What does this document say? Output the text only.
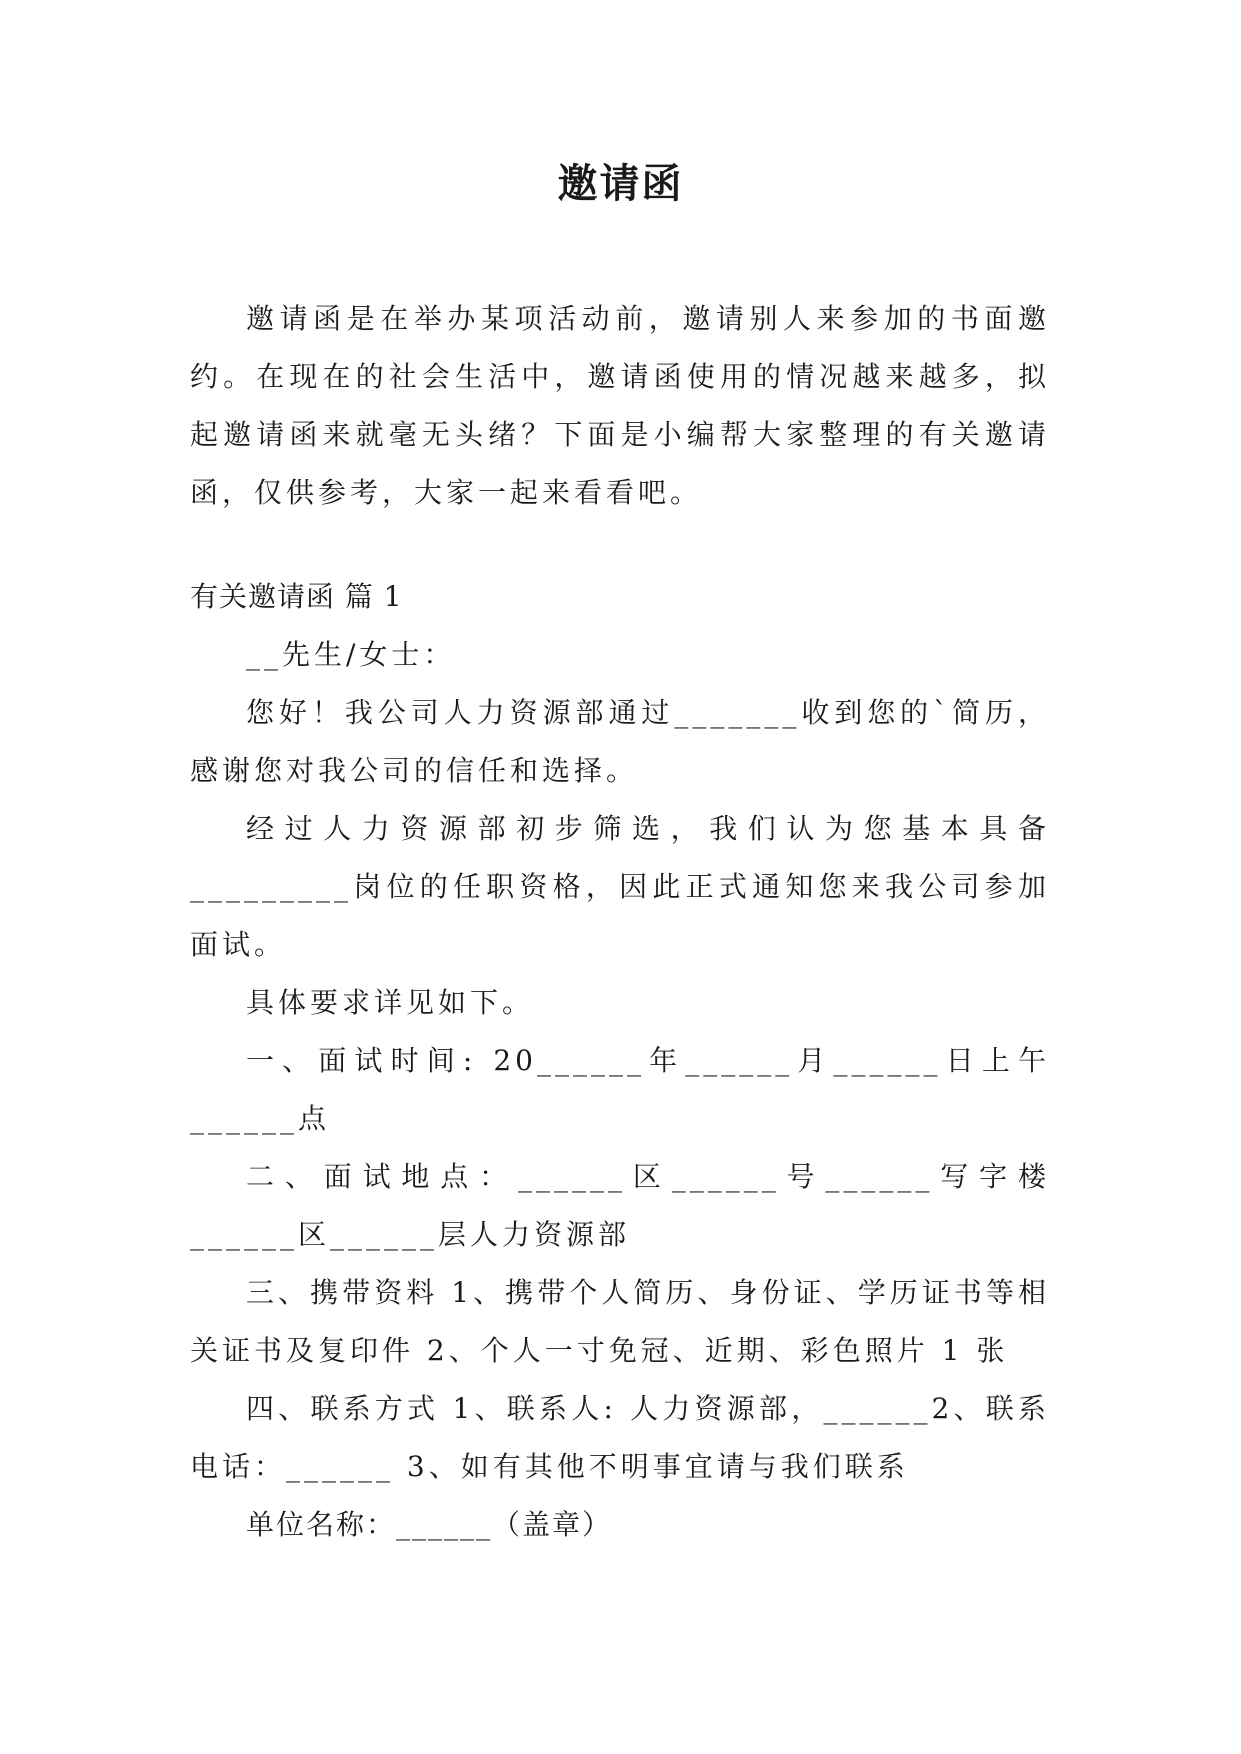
邀请函

邀请函是在举办某项活动前，邀请别人来参加的书面邀约。在现在的社会生活中，邀请函使用的情况越来越多，拟起邀请函来就毫无头绪？下面是小编帮大家整理的有关邀请函，仅供参考，大家一起来看看吧。

有关邀请函 篇 1

__先生/女士：

您好！我公司人力资源部通过_______收到您的`简历，感谢您对我公司的信任和选择。

经过人力资源部初步筛选，我们认为您基本具备_________岗位的任职资格，因此正式通知您来我公司参加面试。

具体要求详见如下。

一、面试时间: 20______年______月______日上午______点

二、面试地点：______区______号______写字楼______区______层人力资源部

三、携带资料 1、携带个人简历、身份证、学历证书等相关证书及复印件 2、个人一寸免冠、近期、彩色照片 1 张

四、联系方式 1、联系人: 人力资源部，______2、联系电话：______ 3、如有其他不明事宜请与我们联系

单位名称：______（盖章）
